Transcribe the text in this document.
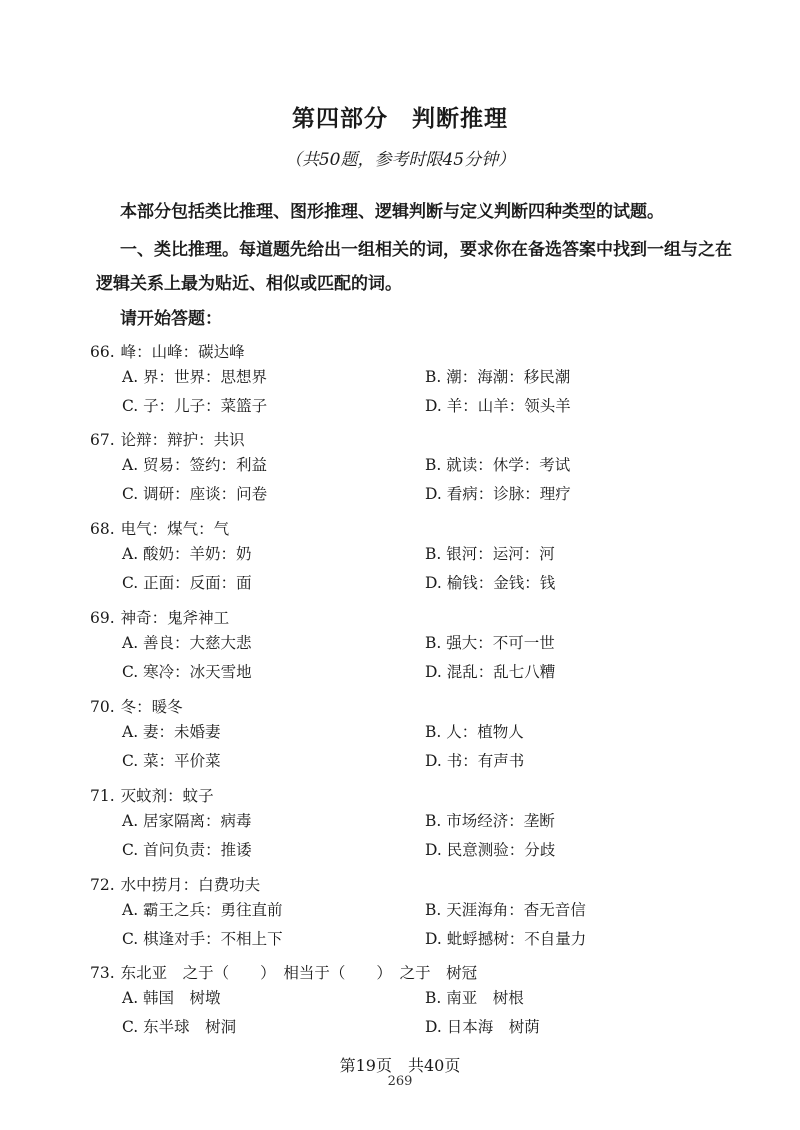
第四部分　判断推理
（共50题，参考时限45分钟）
本部分包括类比推理、图形推理、逻辑判断与定义判断四种类型的试题。
一、类比推理。每道题先给出一组相关的词，要求你在备选答案中找到一组与之在逻辑关系上最为贴近、相似或匹配的词。
请开始答题：
66. 峰：山峰：碳达峰
A. 界：世界：思想界	B. 潮：海潮：移民潮
C. 子：儿子：菜篮子	D. 羊：山羊：领头羊
67. 论辩：辩护：共识
A. 贸易：签约：利益	B. 就读：休学：考试
C. 调研：座谈：问卷	D. 看病：诊脉：理疗
68. 电气：煤气：气
A. 酸奶：羊奶：奶	B. 银河：运河：河
C. 正面：反面：面	D. 榆钱：金钱：钱
69. 神奇：鬼斧神工
A. 善良：大慈大悲	B. 强大：不可一世
C. 寒冷：冰天雪地	D. 混乱：乱七八糟
70. 冬：暖冬
A. 妻：未婚妻	B. 人：植物人
C. 菜：平价菜	D. 书：有声书
71. 灭蚊剂：蚊子
A. 居家隔离：病毒	B. 市场经济：垄断
C. 首问负责：推诿	D. 民意测验：分歧
72. 水中捞月：白费功夫
A. 霸王之兵：勇往直前	B. 天涯海角：杳无音信
C. 棋逢对手：不相上下	D. 蚍蜉撼树：不自量力
73. 东北亚　之于（　　）　相当于（　　）　之于　树冠
A. 韩国　树墩	B. 南亚　树根
C. 东半球　树洞	D. 日本海　树荫
第19页　共40页
269
